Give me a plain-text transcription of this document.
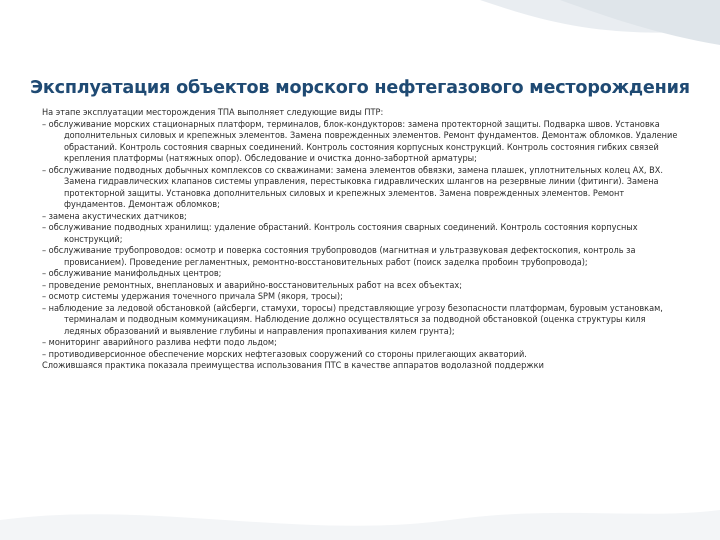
Эксплуатация объектов морского нефтегазового месторождения

На этапе эксплуатации месторождения ТПА выполняет следующие виды ПТР:

– обслуживание морских стационарных платформ, терминалов, блок-кондукторов: замена протекторной защиты. Подварка швов. Установка дополнительных силовых и крепежных элементов. Замена поврежденных элементов. Ремонт фундаментов. Демонтаж обломков. Удаление обрастаний. Контроль состояния сварных соединений. Контроль состояния корпусных конструкций. Контроль состояния гибких связей крепления платформы (натяжных опор). Обследование и очистка донно-забортной арматуры;

– обслуживание подводных добычных комплексов со скважинами: замена элементов обвязки, замена плашек, уплотнительных колец АХ, ВХ. Замена гидравлических клапанов системы управления, перестыковка гидравлических шлангов на резервные линии (фитинги). Замена протекторной защиты. Установка дополнительных силовых и крепежных элементов. Замена поврежденных элементов. Ремонт фундаментов. Демонтаж обломков;

– замена акустических датчиков;

– обслуживание подводных хранилищ: удаление обрастаний. Контроль состояния сварных соединений. Контроль состояния корпусных конструкций;

– обслуживание трубопроводов: осмотр и поверка состояния трубопроводов (магнитная и ультразвуковая дефектоскопия, контроль за провисанием). Проведение регламентных, ремонтно-восстановительных работ (поиск заделка пробоин трубопровода);

– обслуживание манифольдных центров;

– проведение ремонтных, внеплановых и аварийно-восстановительных работ на всех объектах;

– осмотр системы удержания точечного причала SPM (якоря, тросы);

– наблюдение за ледовой обстановкой (айсберги, стамухи, торосы) представляющие угрозу безопасности платформам, буровым установкам, терминалам и подводным коммуникациям. Наблюдение должно осуществляться за подводной обстановкой (оценка структуры киля ледяных образований и выявление глубины и направления пропахивания килем грунта);

– мониторинг аварийного разлива нефти подо льдом;

– противодиверсионное обеспечение морских нефтегазовых сооружений со стороны прилегающих акваторий.

Сложившаяся практика показала преимущества использования ПТС в качестве аппаратов водолазной поддержки
